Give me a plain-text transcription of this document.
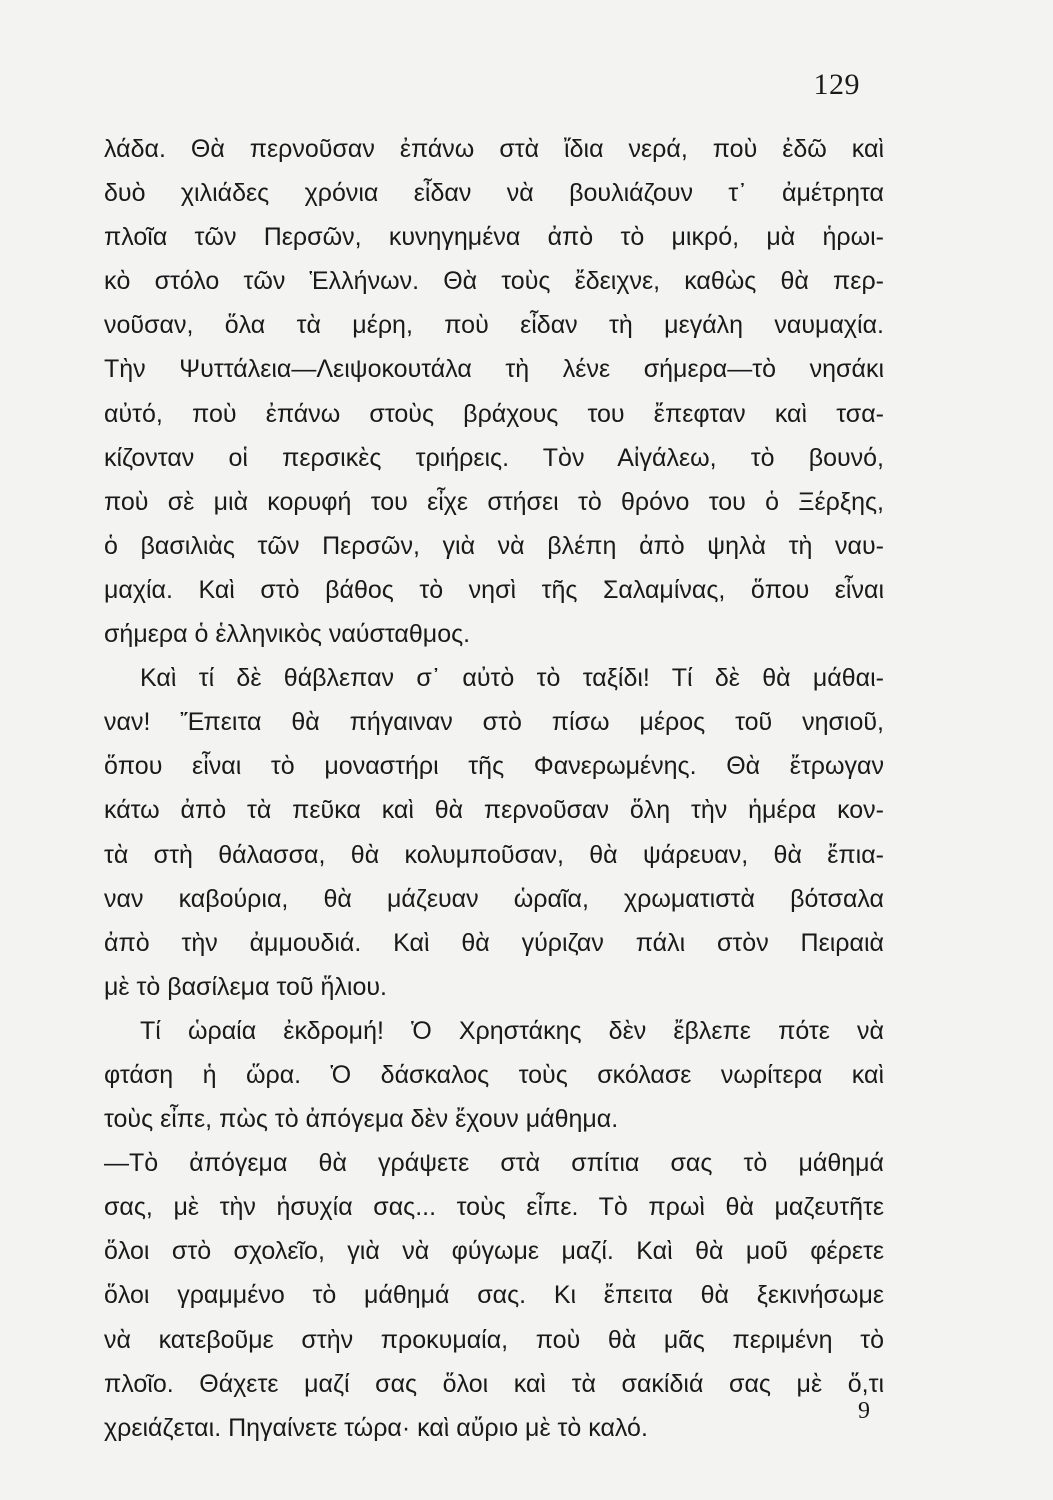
129
λάδα. Θὰ περνοῦσαν ἐπάνω στὰ ἴδια νερά, ποὺ ἐδῶ καὶ
δυὸ χιλιάδες χρόνια εἶδαν νὰ βουλιάζουν τ᾿ ἀμέτρητα
πλοῖα τῶν Περσῶν, κυνηγημένα ἀπὸ τὸ μικρό, μὰ ἡρωι-
κὸ στόλο τῶν Ἑλλήνων. Θὰ τοὺς ἔδειχνε, καθὼς θὰ περ-
νοῦσαν, ὅλα τὰ μέρη, ποὺ εἶδαν τὴ μεγάλη ναυμαχία.
Τὴν Ψυττάλεια—Λειψοκουτάλα τὴ λένε σήμερα—τὸ νησάκι
αὐτό, ποὺ ἐπάνω στοὺς βράχους του ἔπεφταν καὶ τσα-
κίζονταν οἱ περσικὲς τριήρεις. Τὸν Αἰγάλεω, τὸ βουνό,
ποὺ σὲ μιὰ κορυφή του εἶχε στήσει τὸ θρόνο του ὁ Ξέρξης,
ὁ βασιλιὰς τῶν Περσῶν, γιὰ νὰ βλέπη ἀπὸ ψηλὰ τὴ ναυ-
μαχία. Καὶ στὸ βάθος τὸ νησὶ τῆς Σαλαμίνας, ὅπου εἶναι
σήμερα ὁ ἑλληνικὸς ναύσταθμος.
Καὶ τί δὲ θάβλεπαν σ᾿ αὐτὸ τὸ ταξίδι! Τί δὲ θὰ μάθαι-
ναν! Ἔπειτα θὰ πήγαιναν στὸ πίσω μέρος τοῦ νησιοῦ,
ὅπου εἶναι τὸ μοναστήρι τῆς Φανερωμένης. Θὰ ἔτρωγαν
κάτω ἀπὸ τὰ πεῦκα καὶ θὰ περνοῦσαν ὅλη τὴν ἡμέρα κον-
τὰ στὴ θάλασσα, θὰ κολυμποῦσαν, θὰ ψάρευαν, θὰ ἔπια-
ναν καβούρια, θὰ μάζευαν ὡραῖα, χρωματιστὰ βότσαλα
ἀπὸ τὴν ἀμμουδιά. Καὶ θὰ γύριζαν πάλι στὸν Πειραιὰ
μὲ τὸ βασίλεμα τοῦ ἥλιου.
Τί ὡραία ἐκδρομή! Ὁ Χρηστάκης δὲν ἔβλεπε πότε νὰ
φτάση ἡ ὥρα. Ὁ δάσκαλος τοὺς σκόλασε νωρίτερα καὶ
τοὺς εἶπε, πὼς τὸ ἀπόγεμα δὲν ἔχουν μάθημα.
—Τὸ ἀπόγεμα θὰ γράψετε στὰ σπίτια σας τὸ μάθημά
σας, μὲ τὴν ἡσυχία σας... τοὺς εἶπε. Τὸ πρωὶ θὰ μαζευτῆτε
ὅλοι στὸ σχολεῖο, γιὰ νὰ φύγωμε μαζί. Καὶ θὰ μοῦ φέρετε
ὅλοι γραμμένο τὸ μάθημά σας. Κι ἔπειτα θὰ ξεκινήσωμε
νὰ κατεβοῦμε στὴν προκυμαία, ποὺ θὰ μᾶς περιμένη τὸ
πλοῖο. Θάχετε μαζί σας ὅλοι καὶ τὰ σακίδιά σας μὲ ὅ,τι
χρειάζεται. Πηγαίνετε τώρα· καὶ αὔριο μὲ τὸ καλό.
9
